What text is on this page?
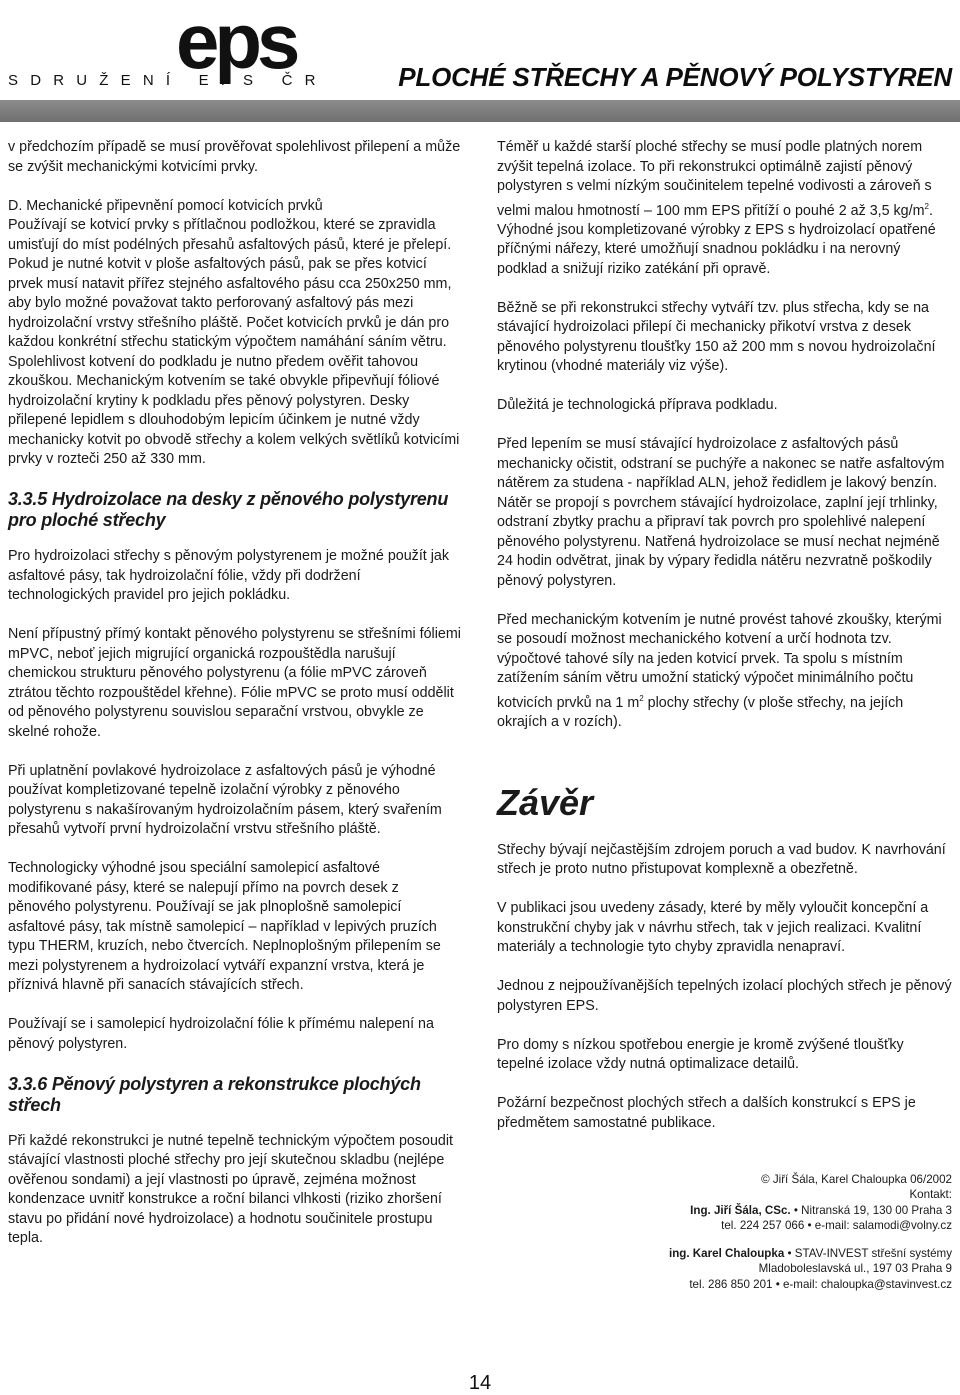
eps
SDRUŽENÍ EPS ČR	PLOCHÉ STŘECHY A PĚNOVÝ POLYSTYREN

v předchozím případě se musí prověřovat spolehlivost přilepení a může se zvýšit mechanickými kotvicími prvky.

D. Mechanické připevnění pomocí kotvicích prvků
Používají se kotvicí prvky s přítlačnou podložkou, které se zpravidla umisťují do míst podélných přesahů asfaltových pásů, které je přelepí. Pokud je nutné kotvit v ploše asfaltových pásů, pak se přes kotvicí prvek musí natavit přířez stejného asfaltového pásu cca 250x250 mm, aby bylo možné považovat takto perforovaný asfaltový pás mezi hydroizolační vrstvy střešního pláště. Počet kotvicích prvků je dán pro každou konkrétní střechu statickým výpočtem namáhání sáním větru. Spolehlivost kotvení do podkladu je nutno předem ověřit tahovou zkouškou. Mechanickým kotvením se také obvykle připevňují fóliové hydroizolační krytiny k podkladu přes pěnový polystyren. Desky přilepené lepidlem s dlouhodobým lepicím účinkem je nutné vždy mechanicky kotvit po obvodě střechy a kolem velkých světlíků kotvicími prvky v rozteči 250 až 330 mm.

3.3.5 Hydroizolace na desky z pěnového polystyrenu pro ploché střechy

Pro hydroizolaci střechy s pěnovým polystyrenem je možné použít jak asfaltové pásy, tak hydroizolační fólie, vždy při dodržení technologických pravidel pro jejich pokládku.

Není přípustný přímý kontakt pěnového polystyrenu se střešními fóliemi mPVC, neboť jejich migrující organická rozpouštědla narušují chemickou strukturu pěnového polystyrenu (a fólie mPVC zároveň ztrátou těchto rozpouštědel křehne). Fólie mPVC se proto musí oddělit od pěnového polystyrenu souvislou separační vrstvou, obvykle ze skelné rohože.

Při uplatnění povlakové hydroizolace z asfaltových pásů je výhodné používat kompletizované tepelně izolační výrobky z pěnového polystyrenu s nakašírovaným hydroizolačním pásem, který svařením přesahů vytvoří první hydroizolační vrstvu střešního pláště.

Technologicky výhodné jsou speciální samolepicí asfaltové modifikované pásy, které se nalepují přímo na povrch desek z pěnového polystyrenu. Používají se jak plnoplošně samolepicí asfaltové pásy, tak místně samolepicí – například v lepivých pruzích typu THERM, kruzích, nebo čtvercích. Neplnoplošným přilepením se mezi polystyrenem a hydroizolací vytváří expanzní vrstva, která je příznivá hlavně při sanacích stávajících střech.

Používají se i samolepicí hydroizolační fólie k přímému nalepení na pěnový polystyren.

3.3.6 Pěnový polystyren a rekonstrukce plochých střech

Při každé rekonstrukci je nutné tepelně technickým výpočtem posoudit stávající vlastnosti ploché střechy pro její skutečnou skladbu (nejlépe ověřenou sondami) a její vlastnosti po úpravě, zejména možnost kondenzace uvnitř konstrukce a roční bilanci vlhkosti (riziko zhoršení stavu po přidání nové hydroizolace) a hodnotu součinitele prostupu tepla.

Téměř u každé starší ploché střechy se musí podle platných norem zvýšit tepelná izolace. To při rekonstrukci optimálně zajistí pěnový polystyren s velmi nízkým součinitelem tepelné vodivosti a zároveň s velmi malou hmotností – 100 mm EPS přitíží o pouhé 2 až 3,5 $kg/m^2$. Výhodné jsou kompletizované výrobky z EPS s hydroizolací opatřené příčnými nářezy, které umožňují snadnou pokládku i na nerovný podklad a snižují riziko zatékání při opravě.

Běžně se při rekonstrukci střechy vytváří tzv. plus střecha, kdy se na stávající hydroizolaci přilepí či mechanicky přikotví vrstva z desek pěnového polystyrenu tloušťky 150 až 200 mm s novou hydroizolační krytinou (vhodné materiály viz výše).

Důležitá je technologická příprava podkladu.

Před lepením se musí stávající hydroizolace z asfaltových pásů mechanicky očistit, odstraní se puchýře a nakonec se natře asfaltovým nátěrem za studena - například ALN, jehož ředidlem je lakový benzín. Nátěr se propojí s povrchem stávající hydroizolace, zaplní její trhlinky, odstraní zbytky prachu a připraví tak povrch pro spolehlivé nalepení pěnového polystyrenu. Natřená hydroizolace se musí nechat nejméně 24 hodin odvětrat, jinak by výpary ředidla nátěru nezvratně poškodily pěnový polystyren.

Před mechanickým kotvením je nutné provést tahové zkoušky, kterými se posoudí možnost mechanického kotvení a určí hodnota tzv. výpočtové tahové síly na jeden kotvicí prvek. Ta spolu s místním zatížením sáním větru umožní statický výpočet minimálního počtu kotvicích prvků na 1 $m^2$ plochy střechy (v ploše střechy, na jejích okrajích a v rozích).

Závěr

Střechy bývají nejčastějším zdrojem poruch a vad budov. K navrhování střech je proto nutno přistupovat komplexně a obezřetně.

V publikaci jsou uvedeny zásady, které by měly vyloučit koncepční a konstrukční chyby jak v návrhu střech, tak v jejich realizaci. Kvalitní materiály a technologie tyto chyby zpravidla nenapraví.

Jednou z nejpoužívanějších tepelných izolací plochých střech je pěnový polystyren EPS.

Pro domy s nízkou spotřebou energie je kromě zvýšené tloušťky tepelné izolace vždy nutná optimalizace detailů.

Požární bezpečnost plochých střech a dalších konstrukcí s EPS je předmětem samostatné publikace.

© Jiří Šála, Karel Chaloupka 06/2002
Kontakt:
Ing. Jiří Šála, CSc. • Nitranská 19, 130 00 Praha 3
tel. 224 257 066 • e-mail: salamodi@volny.cz
ing. Karel Chaloupka • STAV-INVEST střešní systémy
Mladoboleslavská ul., 197 03 Praha 9
tel. 286 850 201 • e-mail: chaloupka@stavinvest.cz
14
